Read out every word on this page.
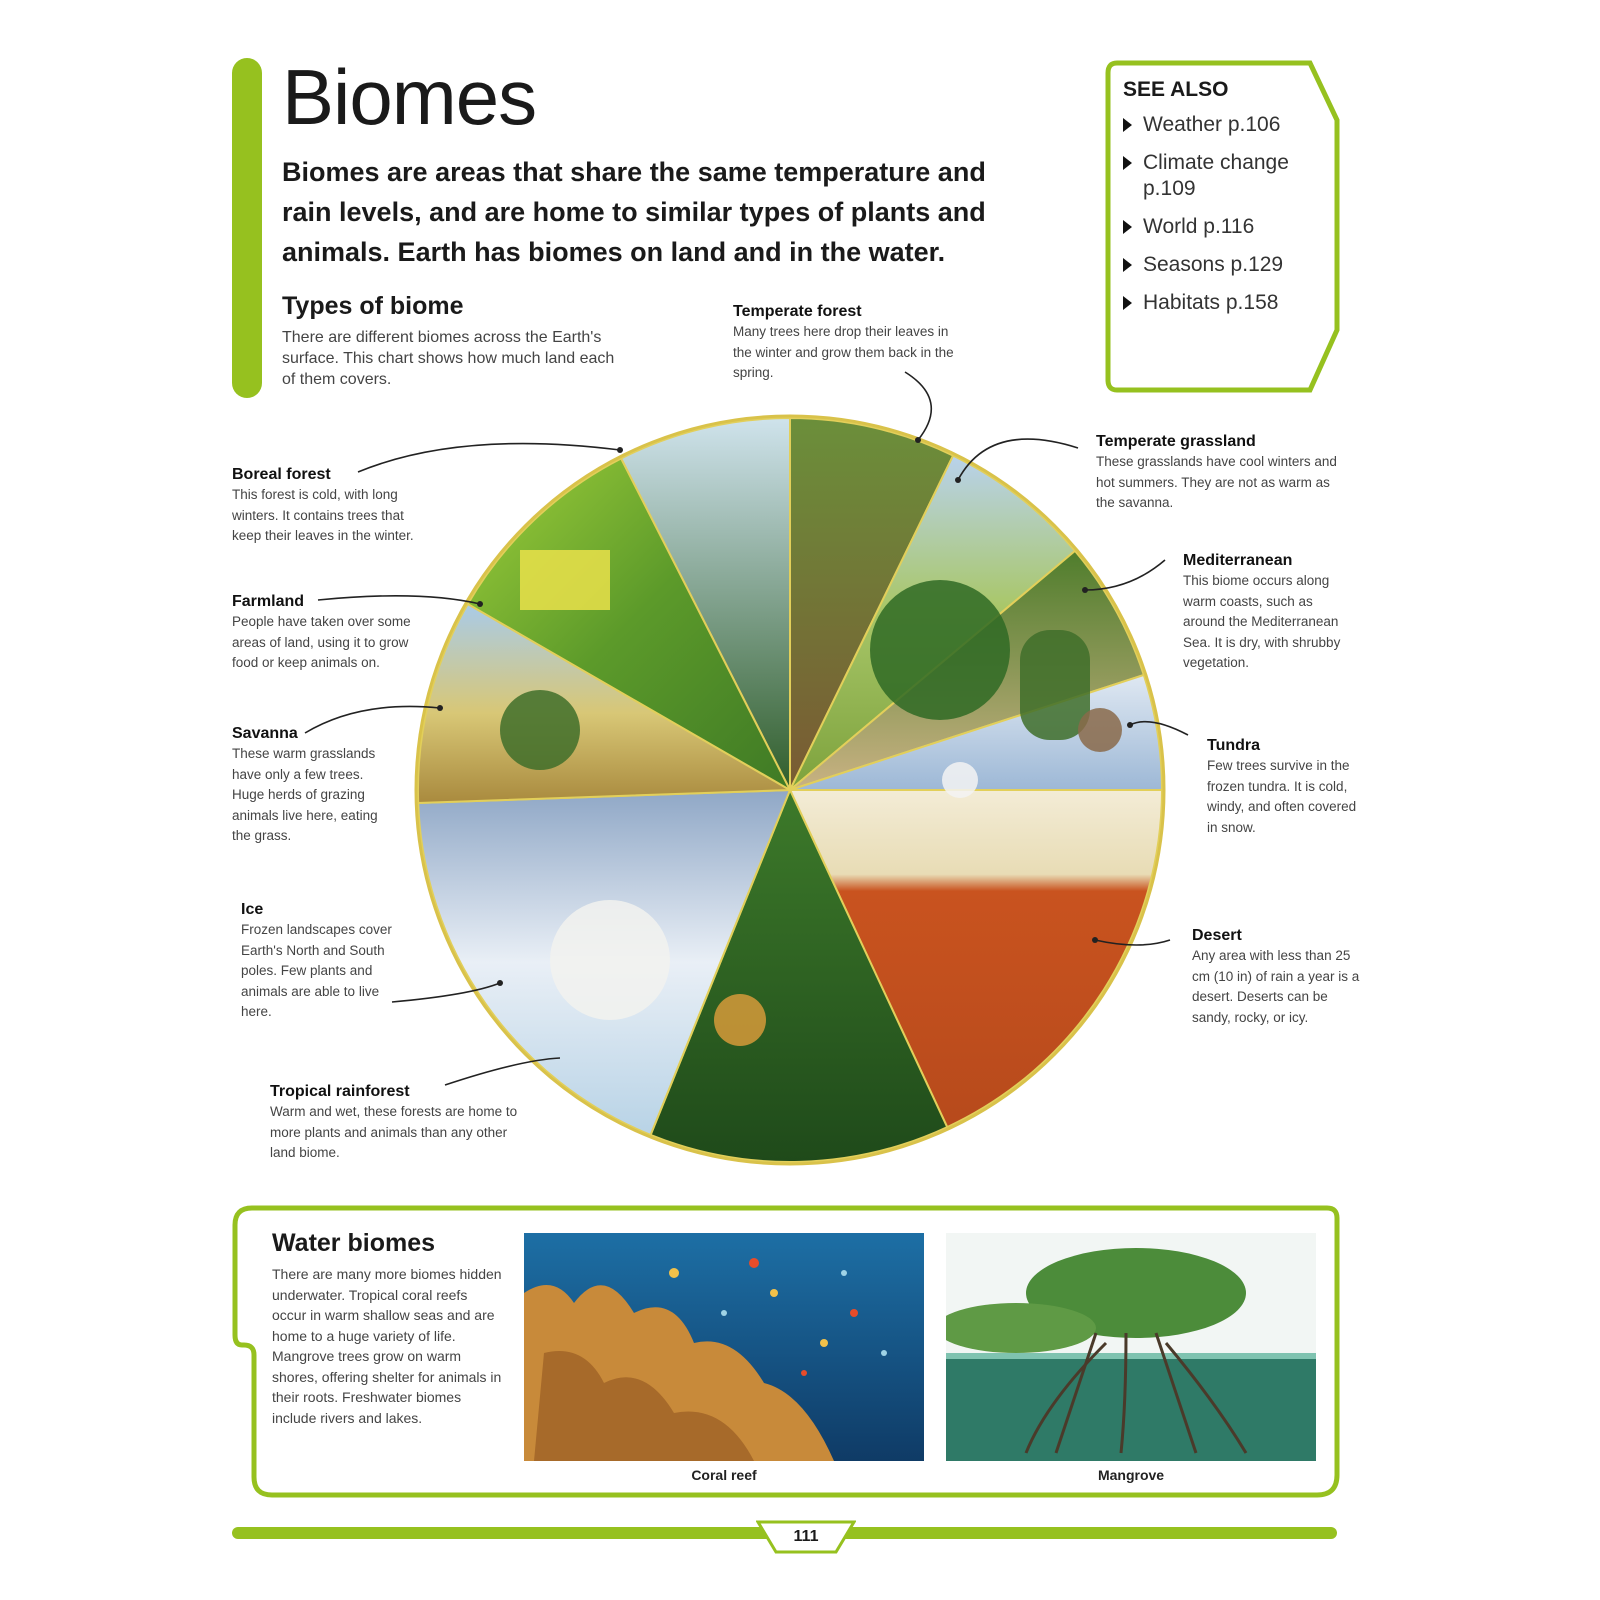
Biomes

Biomes are areas that share the same temperature and rain levels, and are home to similar types of plants and animals. Earth has biomes on land and in the water.

Types of biome

There are different biomes across the Earth's surface. This chart shows how much land each of them covers.

SEE ALSO
Weather p.106
Climate change p.109
World p.116
Seasons p.129
Habitats p.158
Boreal forest

This forest is cold, with long winters. It contains trees that keep their leaves in the winter.

Farmland

People have taken over some areas of land, using it to grow food or keep animals on.

Savanna

These warm grasslands have only a few trees. Huge herds of grazing animals live here, eating the grass.

Ice

Frozen landscapes cover Earth's North and South poles. Few plants and animals are able to live here.

Tropical rainforest

Warm and wet, these forests are home to more plants and animals than any other land biome.

Temperate forest

Many trees here drop their leaves in the winter and grow them back in the spring.

Temperate grassland

These grasslands have cool winters and hot summers. They are not as warm as the savanna.

Mediterranean

This biome occurs along warm coasts, such as around the Mediterranean Sea. It is dry, with shrubby vegetation.

Tundra

Few trees survive in the frozen tundra. It is cold, windy, and often covered in snow.

Desert

Any area with less than 25 cm (10 in) of rain a year is a desert. Deserts can be sandy, rocky, or icy.

Water biomes

There are many more biomes hidden underwater. Tropical coral reefs occur in warm shallow seas and are home to a huge variety of life. Mangrove trees grow on warm shores, offering shelter for animals in their roots. Freshwater biomes include rivers and lakes.

Coral reef	Mangrove
111
